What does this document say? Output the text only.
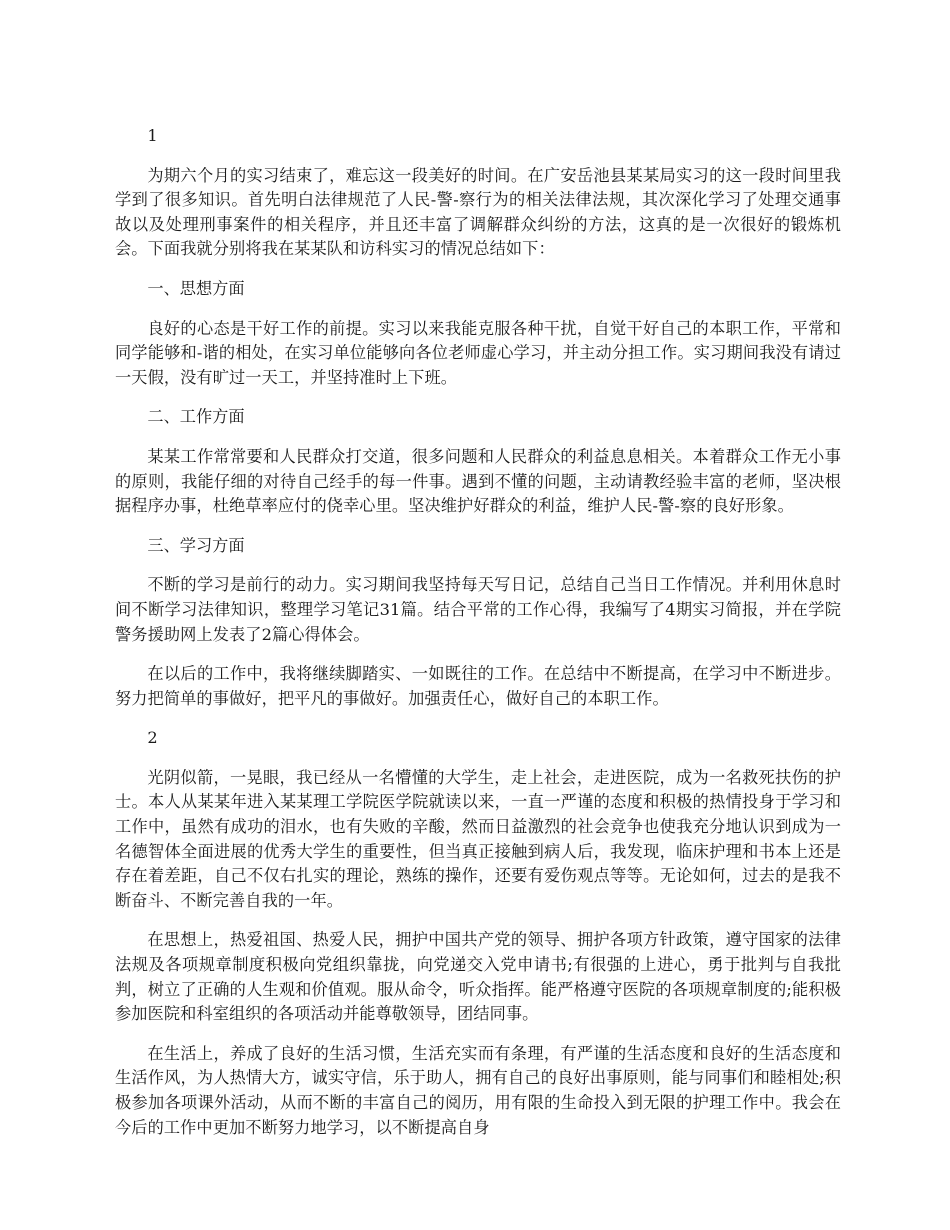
1

为期六个月的实习结束了，难忘这一段美好的时间。在广安岳池县某某局实习的这一段时间里我学到了很多知识。首先明白法律规范了人民-警-察行为的相关法律法规，其次深化学习了处理交通事故以及处理刑事案件的相关程序，并且还丰富了调解群众纠纷的方法，这真的是一次很好的锻炼机会。下面我就分别将我在某某队和访科实习的情况总结如下：

一、思想方面

良好的心态是干好工作的前提。实习以来我能克服各种干扰，自觉干好自己的本职工作，平常和同学能够和-谐的相处，在实习单位能够向各位老师虚心学习，并主动分担工作。实习期间我没有请过一天假，没有旷过一天工，并坚持准时上下班。

二、工作方面

某某工作常常要和人民群众打交道，很多问题和人民群众的利益息息相关。本着群众工作无小事的原则，我能仔细的对待自己经手的每一件事。遇到不懂的问题，主动请教经验丰富的老师，坚决根据程序办事，杜绝草率应付的侥幸心里。坚决维护好群众的利益，维护人民-警-察的良好形象。

三、学习方面

不断的学习是前行的动力。实习期间我坚持每天写日记，总结自己当日工作情况。并利用休息时间不断学习法律知识，整理学习笔记31篇。结合平常的工作心得，我编写了4期实习简报，并在学院警务援助网上发表了2篇心得体会。

在以后的工作中，我将继续脚踏实、一如既往的工作。在总结中不断提高，在学习中不断进步。努力把简单的事做好，把平凡的事做好。加强责任心，做好自己的本职工作。

2

光阴似箭，一晃眼，我已经从一名懵懂的大学生，走上社会，走进医院，成为一名救死扶伤的护士。本人从某某年进入某某理工学院医学院就读以来，一直一严谨的态度和积极的热情投身于学习和工作中，虽然有成功的泪水，也有失败的辛酸，然而日益激烈的社会竞争也使我充分地认识到成为一名德智体全面进展的优秀大学生的重要性，但当真正接触到病人后，我发现，临床护理和书本上还是存在着差距，自己不仅右扎实的理论，熟练的操作，还要有爱伤观点等等。无论如何，过去的是我不断奋斗、不断完善自我的一年。

在思想上，热爱祖国、热爱人民，拥护中国共产党的领导、拥护各项方针政策，遵守国家的法律法规及各项规章制度积极向党组织靠拢，向党递交入党申请书;有很强的上进心，勇于批判与自我批判，树立了正确的人生观和价值观。服从命令，听众指挥。能严格遵守医院的各项规章制度的;能积极参加医院和科室组织的各项活动并能尊敬领导，团结同事。

在生活上，养成了良好的生活习惯，生活充实而有条理，有严谨的生活态度和良好的生活态度和生活作风，为人热情大方，诚实守信，乐于助人，拥有自己的良好出事原则，能与同事们和睦相处;积极参加各项课外活动，从而不断的丰富自己的阅历，用有限的生命投入到无限的护理工作中。我会在今后的工作中更加不断努力地学习，以不断提高自身
